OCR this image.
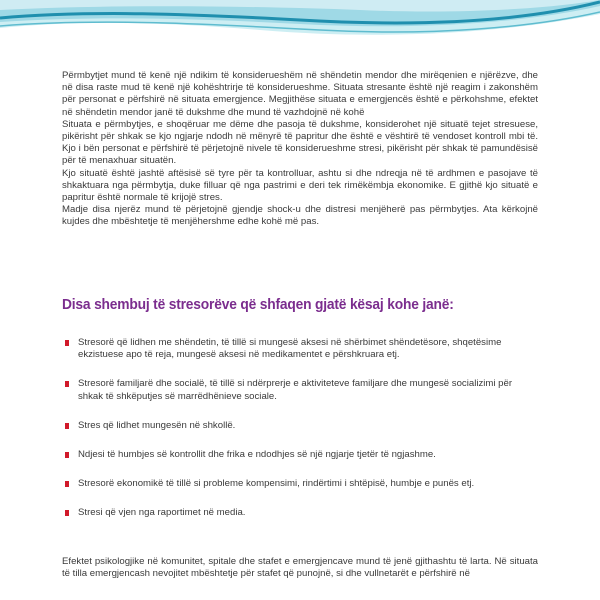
Përmbytjet mund të kenë një ndikim të konsiderueshëm në shëndetin mendor dhe mirëqenien e njërëzve, dhe në disa raste mud të kenë një kohështrirje të konsiderueshme. Situata stresante është një reagim i zakonshëm për personat e përfshirë në situata emergjence. Megjithëse situata e emergjencës është e përkohshme, efektet në shëndetin mendor janë të dukshme dhe mund të vazhdojnë në kohë

Situata e përmbytjes, e shoqëruar me dëme dhe pasoja të dukshme, konsiderohet një situatë tejet stresuese, pikërisht për shkak se kjo ngjarje ndodh në mënyrë të papritur dhe është e vështirë të vendoset kontroll mbi të. Kjo i bën personat e përfshirë të përjetojnë nivele të konsiderueshme stresi, pikërisht për shkak të pamundësisë për të menaxhuar situatën.

Kjo situatë është jashtë aftësisë së tyre për ta kontrolluar, ashtu si dhe ndreqja në të ardhmen e pasojave të shkaktuara nga përmbytja, duke filluar që nga pastrimi e deri tek rimëkëmbja ekonomike. E gjithë kjo situatë e papritur është normale të krijojë stres.

Madje disa njerëz mund të përjetojnë gjendje shock-u dhe distresi menjëherë pas përmbytjes. Ata kërkojnë kujdes dhe mbështetje të menjëhershme edhe kohë më pas.

Disa shembuj të stresorëve që shfaqen gjatë kësaj kohe janë:
Stresorë që lidhen me shëndetin, të tillë si mungesë aksesi në shërbimet shëndetësore, shqetësime ekzistuese apo të reja, mungesë aksesi në medikamentet e përshkruara etj.
Stresorë familjarë dhe socialë, të tillë si ndërprerje e aktiviteteve familjare dhe mungesë socializimi për shkak të shkëputjes së marrëdhënieve sociale.
Stres që lidhet mungesën në shkollë.
Ndjesi të humbjes së kontrollit dhe frika e ndodhjes së një ngjarje tjetër të ngjashme.
Stresorë ekonomikë të tillë si probleme kompensimi, rindërtimi i shtëpisë, humbje e punës etj.
Stresi që vjen nga raportimet në media.

Efektet psikologjike në komunitet, spitale dhe stafet e emergjencave mund të jenë gjithashtu të larta. Në situata të tilla emergjencash nevojitet mbështetje për stafet që punojnë, si dhe vullnetarët e përfshirë në
